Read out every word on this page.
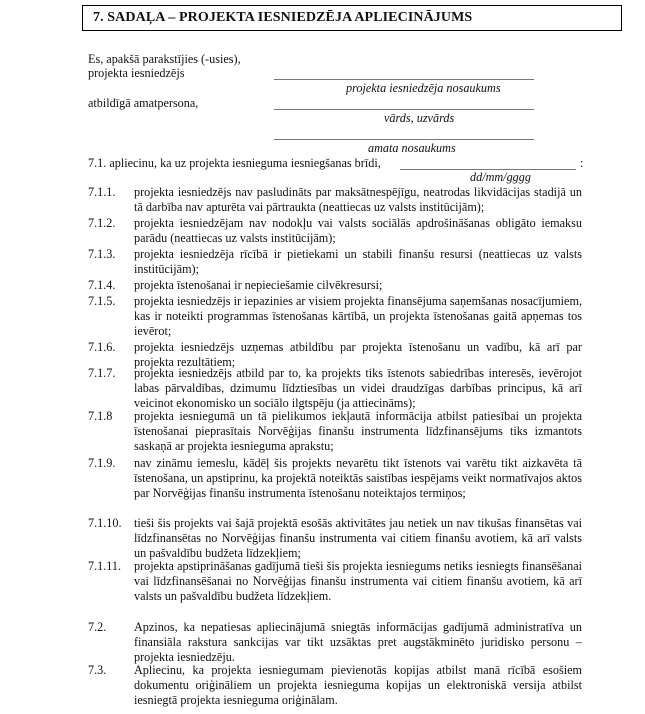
7. SADAĻA – PROJEKTA IESNIEDZĒJA APLIECINĀJUMS
Es, apakšā parakstījies (-usies),
projekta iesniedzējs
projekta iesniedzēja nosaukums
atbildīgā amatpersona,
vārds, uzvārds
amata nosaukums
7.1. apliecinu, ka uz projekta iesnieguma iesniegšanas brīdi,	:
dd/mm/gggg
7.1.1. projekta iesniedzējs nav pasludināts par maksātnespējīgu, neatrodas likvidācijas stadijā un tā darbība nav apturēta vai pārtraukta (neattiecas uz valsts institūcijām);
7.1.2. projekta iesniedzējam nav nodokļu vai valsts sociālās apdrošināšanas obligāto iemaksu parādu (neattiecas uz valsts institūcijām);
7.1.3. projekta iesniedzēja rīcībā ir pietiekami un stabili finanšu resursi (neattiecas uz valsts institūcijām);
7.1.4. projekta īstenošanai ir nepieciešamie cilvēkresursi;
7.1.5. projekta iesniedzējs ir iepazinies ar visiem projekta finansējuma saņemšanas nosacījumiem, kas ir noteikti programmas īstenošanas kārtībā, un projekta īstenošanas gaitā apņemas tos ievērot;
7.1.6. projekta iesniedzējs uzņemas atbildību par projekta īstenošanu un vadību, kā arī par projekta rezultātiem;
7.1.7. projekta iesniedzējs atbild par to, ka projekts tiks īstenots sabiedrības interesēs, ievērojot labas pārvaldības, dzimumu līdztiesības un videi draudzīgas darbības principus, kā arī veicinot ekonomisko un sociālo ilgtspēju (ja attiecināms);
7.1.8 projekta iesniegumā un tā pielikumos iekļautā informācija atbilst patiesībai un projekta īstenošanai pieprasītais Norvēģijas finanšu instrumenta līdzfinansējums tiks izmantots saskaņā ar projekta iesnieguma aprakstu;
7.1.9. nav zināmu iemeslu, kādēļ šis projekts nevarētu tikt īstenots vai varētu tikt aizkavēta tā īstenošana, un apstiprinu, ka projektā noteiktās saistības iespējams veikt normatīvajos aktos par Norvēģijas finanšu instrumenta īstenošanu noteiktajos termiņos;
7.1.10. tieši šis projekts vai šajā projektā esošās aktivitātes jau netiek un nav tikušas finansētas vai līdzfinansētas no Norvēģijas finanšu instrumenta vai citiem finanšu avotiem, kā arī valsts un pašvaldību budžeta līdzekļiem;
7.1.11. projekta apstiprināšanas gadījumā tieši šis projekta iesniegums netiks iesniegts finansēšanai vai līdzfinansēšanai no Norvēģijas finanšu instrumenta vai citiem finanšu avotiem, kā arī valsts un pašvaldību budžeta līdzekļiem.
7.2. Apzinos, ka nepatiesas apliecinājumā sniegtās informācijas gadījumā administratīva un finansiāla rakstura sankcijas var tikt uzsāktas pret augstākminēto juridisko personu – projekta iesniedzēju.
7.3. Apliecinu, ka projekta iesniegumam pievienotās kopijas atbilst manā rīcībā esošiem dokumentu oriģināliem un projekta iesnieguma kopijas un elektroniskā versija atbilst iesniegtā projekta iesnieguma oriģinālam.
